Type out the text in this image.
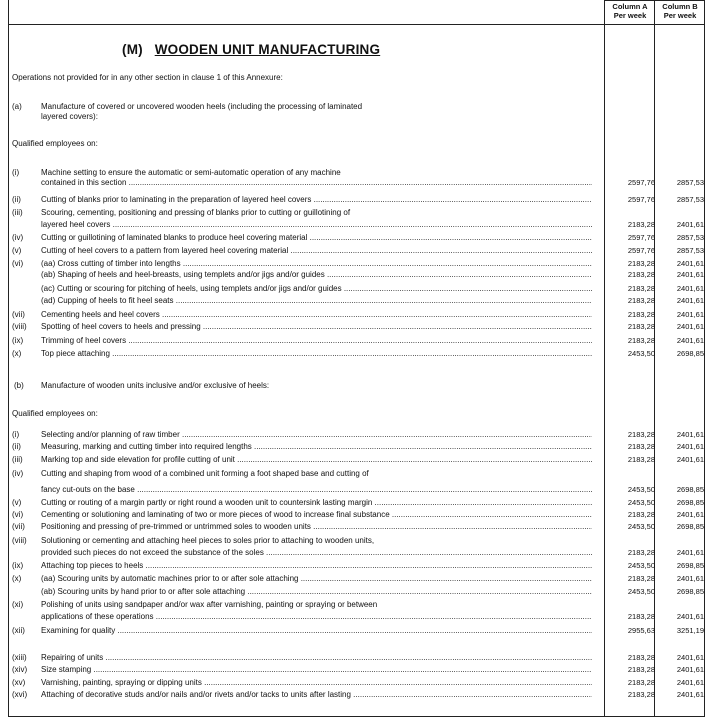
Column A
Per week
Column B
Per week
(M) WOODEN UNIT MANUFACTURING
Operations not provided for in any other section in clause 1 of this Annexure:
(a) Manufacture of covered or uncovered wooden heels (including the processing of laminated
layered covers):
Qualified employees on:
(i)	Machine setting to ensure the automatic or semi-automatic operation of any machine
contained in this section .....	2597,76	2857,53
(ii)	Cutting of blanks prior to laminating in the preparation of layered heel covers .....	2597,76	2857,53
(iii) Scouring, cementing, positioning and pressing of blanks prior to cutting or guillotining of
layered heel covers .....	2183,28	2401,61
(iv) Cutting or guillotining of laminated blanks to produce heel covering material .....	2597,76	2857,53
(v) Cutting of heel covers to a pattern from layered heel covering material .....	2597,76	2857,53
(vi) (aa) Cross cutting of timber into lengths .....	2183,28	2401,61
(ab) Shaping of heels and heel-breasts, using templets and/or jigs and/or guides .....	2183,28	2401,61
(ac) Cutting or scouring for pitching of heels, using templets and/or jigs and/or guides .....	2183,28	2401,61
(ad) Cupping of heels to fit heel seats .....	2183,28	2401,61
(vii) Cementing heels and heel covers .....	2183,28	2401,61
(viii) Spotting of heel covers to heels and pressing .....	2183,28	2401,61
(ix) Trimming of heel covers .....	2183,28	2401,61
(x) Top piece attaching .....	2453,50	2698,85
(b) Manufacture of wooden units inclusive and/or exclusive of heels:
Qualified employees on:
(i)	Selecting and/or planning of raw timber .....	2183,28	2401,61
(ii)	Measuring, marking and cutting timber into required lengths .....	2183,28	2401,61
(iii) Marking top and side elevation for profile cutting of unit .....	2183,28	2401,61
(iv) Cutting and shaping from wood of a combined unit forming a foot shaped base and cutting of
fancy cut-outs on the base .....	2453,50	2698,85
(v) Cutting or routing of a margin partly or right round a wooden unit to countersink lasting margin .....	2453,50	2698,85
(vi) Cementing or solutioning and laminating of two or more pieces of wood to increase final substance .....	2183,28	2401,61
(vii) Positioning and pressing of pre-trimmed or untrimmed soles to wooden units .....	2453,50	2698,85
(viii) Solutioning or cementing and attaching heel pieces to soles prior to attaching to wooden units,
provided such pieces do not exceed the substance of the soles .....	2183,28	2401,61
(ix) Attaching top pieces to heels .....	2453,50	2698,85
(x) (aa) Scouring units by automatic machines prior to or after sole attaching .....	2183,28	2401,61
(ab) Scouring units by hand prior to or after sole attaching .....	2453,50	2698,85
(xi) Polishing of units using sandpaper and/or wax after varnishing, painting or spraying or between
applications of these operations .....	2183,28	2401,61
(xii) Examining for quality .....	2955,63	3251,19
(xiii) Repairing of units .....	2183,28	2401,61
(xiv) Size stamping .....	2183,28	2401,61
(xv) Varnishing, painting, spraying or dipping units .....	2183,28	2401,61
(xvi) Attaching of decorative studs and/or nails and/or rivets and/or tacks to units after lasting .....	2183,28	2401,61
